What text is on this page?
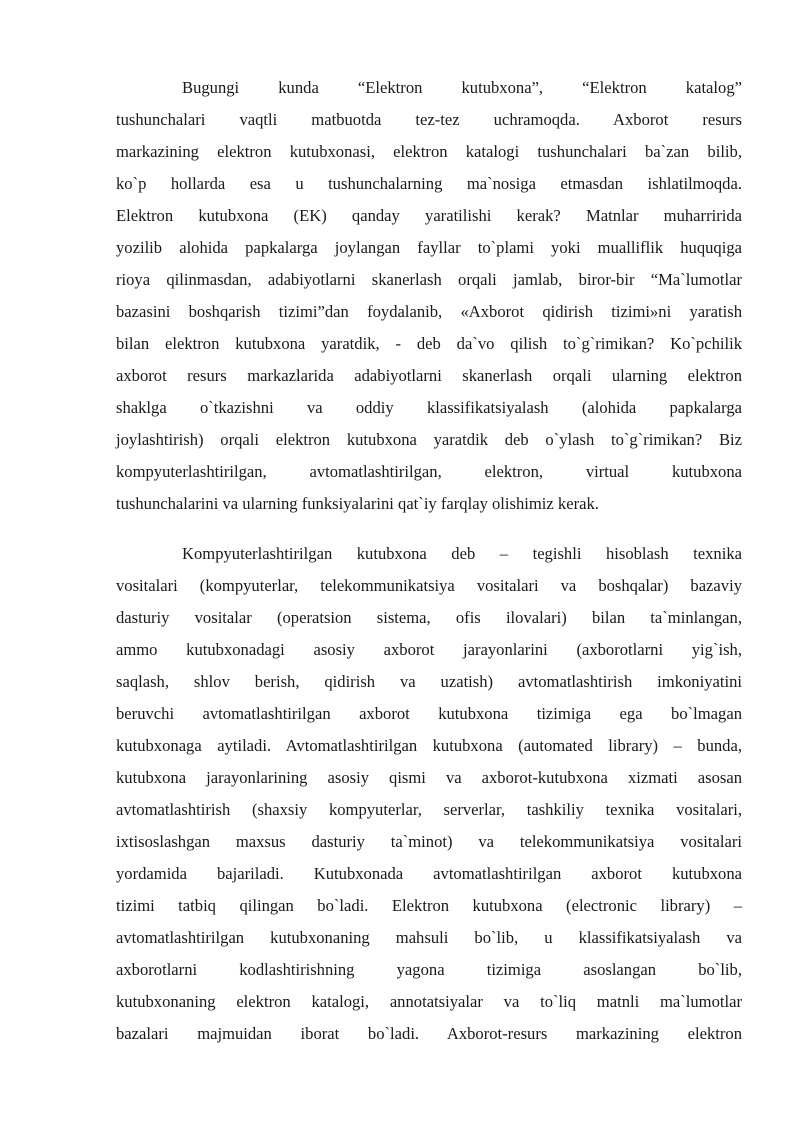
Bugungi kunda “Elektron kutubxona”, “Elektron katalog”
tushunchalari vaqtli matbuotda tez-tez uchramoqda. Axborot resurs
markazining elektron kutubxonasi, elektron katalogi tushunchalari ba`zan bilib,
ko`p hollarda esa u tushunchalarning ma`nosiga etmasdan ishlatilmoqda.
Elektron kutubxona (EK) qanday yaratilishi kerak? Matnlar muharririda
yozilib alohida papkalarga joylangan fayllar to`plami yoki mualliflik huquqiga
rioya qilinmasdan, adabiyotlarni skanerlash orqali jamlab, biror-bir “Ma`lumotlar
bazasini boshqarish tizimi”dan foydalanib, «Axborot qidirish tizimi»ni yaratish
bilan elektron kutubxona yaratdik, - deb da`vo qilish to`g`rimikan? Ko`pchilik
axborot resurs markazlarida adabiyotlarni skanerlash orqali ularning elektron
shaklga o`tkazishni va oddiy klassifikatsiyalash (alohida papkalarga
joylashtirish) orqali elektron kutubxona yaratdik deb o`ylash to`g`rimikan? Biz
kompyuterlashtirilgan, avtomatlashtirilgan, elektron, virtual kutubxona
tushunchalarini va ularning funksiyalarini qat`iy farqlay olishimiz kerak.
Kompyuterlashtirilgan kutubxona deb – tegishli hisoblash texnika
vositalari (kompyuterlar, telekommunikatsiya vositalari va boshqalar) bazaviy
dasturiy vositalar (operatsion sistema, ofis ilovalari) bilan ta`minlangan,
ammo kutubxonadagi asosiy axborot jarayonlarini (axborotlarni yig`ish,
saqlash, shlov berish, qidirish va uzatish) avtomatlashtirish imkoniyatini
beruvchi avtomatlashtirilgan axborot kutubxona tizimiga ega bo`lmagan
kutubxonaga aytiladi. Avtomatlashtirilgan kutubxona (automated library) – bunda,
kutubxona jarayonlarining asosiy qismi va axborot-kutubxona xizmati asosan
avtomatlashtirish (shaxsiy kompyuterlar, serverlar, tashkiliy texnika vositalari,
ixtisoslashgan maxsus dasturiy ta`minot) va telekommunikatsiya vositalari
yordamida bajariladi. Kutubxonada avtomatlashtirilgan axborot kutubxona
tizimi tatbiq qilingan bo`ladi. Elektron kutubxona (electronic library) –
avtomatlashtirilgan kutubxonaning mahsuli bo`lib, u klassifikatsiyalash va
axborotlarni kodlashtirishning yagona tizimiga asoslangan bo`lib,
kutubxonaning elektron katalogi, annotatsiyalar va to`liq matnli ma`lumotlar
bazalari majmuidan iborat bo`ladi. Axborot-resurs markazining elektron
